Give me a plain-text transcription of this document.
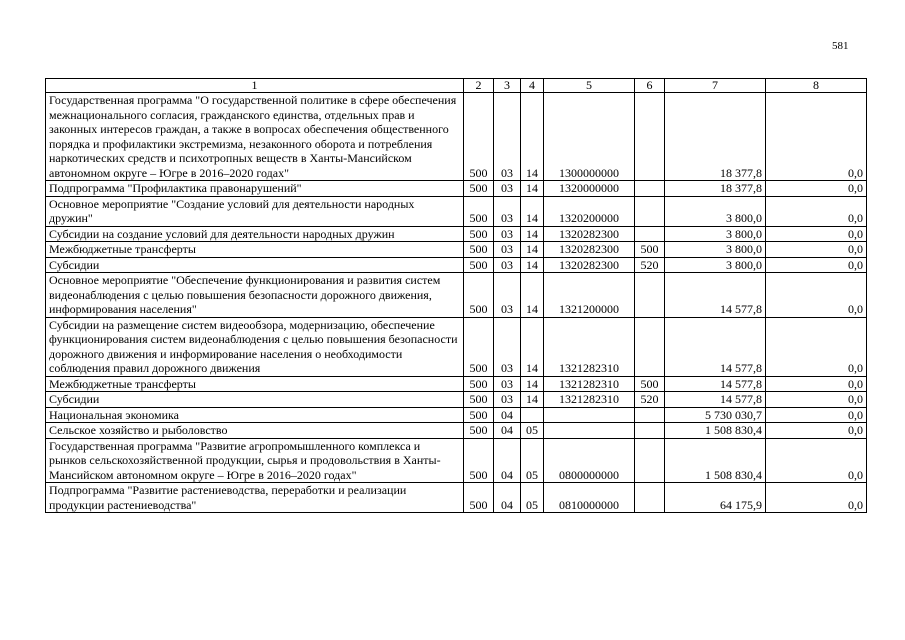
581
1	2	3	4	5	6	7	8
Государственная программа "О государственной политике в сфере обеспечения межнационального согласия, гражданского единства, отдельных прав и законных интересов граждан, а также в вопросах обеспечения общественного порядка и профилактики экстремизма, незаконного оборота и потребления наркотических средств и психотропных веществ в Ханты-Мансийском автономном округе – Югре в 2016–2020 годах"	500	03	14	1300000000		18 377,8	0,0
Подпрограмма "Профилактика правонарушений"	500	03	14	1320000000		18 377,8	0,0
Основное мероприятие "Создание условий для деятельности народных дружин"	500	03	14	1320200000		3 800,0	0,0
Субсидии на создание условий для деятельности народных дружин	500	03	14	1320282300		3 800,0	0,0
Межбюджетные трансферты	500	03	14	1320282300	500	3 800,0	0,0
Субсидии	500	03	14	1320282300	520	3 800,0	0,0
Основное мероприятие "Обеспечение функционирования и развития систем видеонаблюдения с целью повышения безопасности дорожного движения, информирования населения"	500	03	14	1321200000		14 577,8	0,0
Субсидии на размещение систем видеообзора, модернизацию, обеспечение функционирования систем видеонаблюдения с целью повышения безопасности дорожного движения и информирование населения о необходимости соблюдения правил дорожного движения	500	03	14	1321282310		14 577,8	0,0
Межбюджетные трансферты	500	03	14	1321282310	500	14 577,8	0,0
Субсидии	500	03	14	1321282310	520	14 577,8	0,0
Национальная экономика	500	04				5 730 030,7	0,0
Сельское хозяйство и рыболовство	500	04	05			1 508 830,4	0,0
Государственная программа "Развитие агропромышленного комплекса и рынков сельскохозяйственной продукции, сырья и продовольствия в Ханты-Мансийском автономном округе – Югре в 2016–2020 годах"	500	04	05	0800000000		1 508 830,4	0,0
Подпрограмма "Развитие растениеводства, переработки и реализации продукции растениеводства"	500	04	05	0810000000		64 175,9	0,0
